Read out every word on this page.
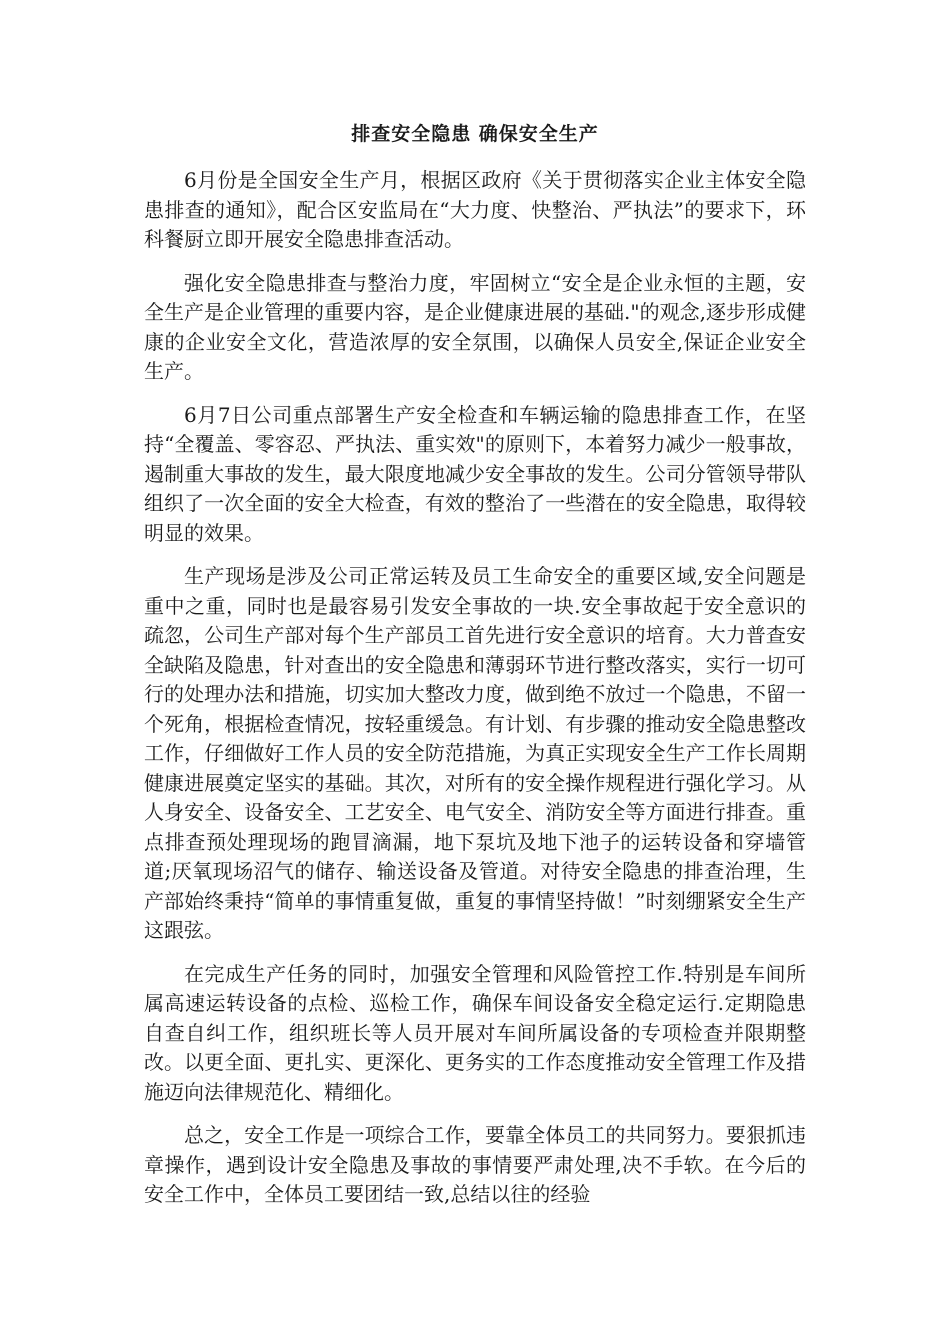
排查安全隐患 确保安全生产

6月份是全国安全生产月，根据区政府《关于贯彻落实企业主体安全隐患排查的通知》，配合区安监局在“大力度、快整治、严执法”的要求下，环科餐厨立即开展安全隐患排查活动。

强化安全隐患排查与整治力度，牢固树立“安全是企业永恒的主题，安全生产是企业管理的重要内容，是企业健康进展的基础."的观念,逐步形成健康的企业安全文化，营造浓厚的安全氛围，以确保人员安全,保证企业安全生产。

6月7日公司重点部署生产安全检查和车辆运输的隐患排查工作，在坚持“全覆盖、零容忍、严执法、重实效"的原则下，本着努力减少一般事故，遏制重大事故的发生，最大限度地减少安全事故的发生。公司分管领导带队组织了一次全面的安全大检查，有效的整治了一些潜在的安全隐患，取得较明显的效果。

生产现场是涉及公司正常运转及员工生命安全的重要区域,安全问题是重中之重，同时也是最容易引发安全事故的一块.安全事故起于安全意识的疏忽，公司生产部对每个生产部员工首先进行安全意识的培育。大力普查安全缺陷及隐患，针对查出的安全隐患和薄弱环节进行整改落实，实行一切可行的处理办法和措施，切实加大整改力度，做到绝不放过一个隐患，不留一个死角，根据检查情况，按轻重缓急。有计划、有步骤的推动安全隐患整改工作，仔细做好工作人员的安全防范措施，为真正实现安全生产工作长周期健康进展奠定坚实的基础。其次，对所有的安全操作规程进行强化学习。从人身安全、设备安全、工艺安全、电气安全、消防安全等方面进行排查。重点排查预处理现场的跑冒滴漏，地下泵坑及地下池子的运转设备和穿墙管道;厌氧现场沼气的储存、输送设备及管道。对待安全隐患的排查治理，生产部始终秉持“简单的事情重复做，重复的事情坚持做！”时刻绷紧安全生产这跟弦。

在完成生产任务的同时，加强安全管理和风险管控工作.特别是车间所属高速运转设备的点检、巡检工作，确保车间设备安全稳定运行.定期隐患自查自纠工作，组织班长等人员开展对车间所属设备的专项检查并限期整改。以更全面、更扎实、更深化、更务实的工作态度推动安全管理工作及措施迈向法律规范化、精细化。

总之，安全工作是一项综合工作，要靠全体员工的共同努力。要狠抓违章操作，遇到设计安全隐患及事故的事情要严肃处理,决不手软。在今后的安全工作中，全体员工要团结一致,总结以往的经验
